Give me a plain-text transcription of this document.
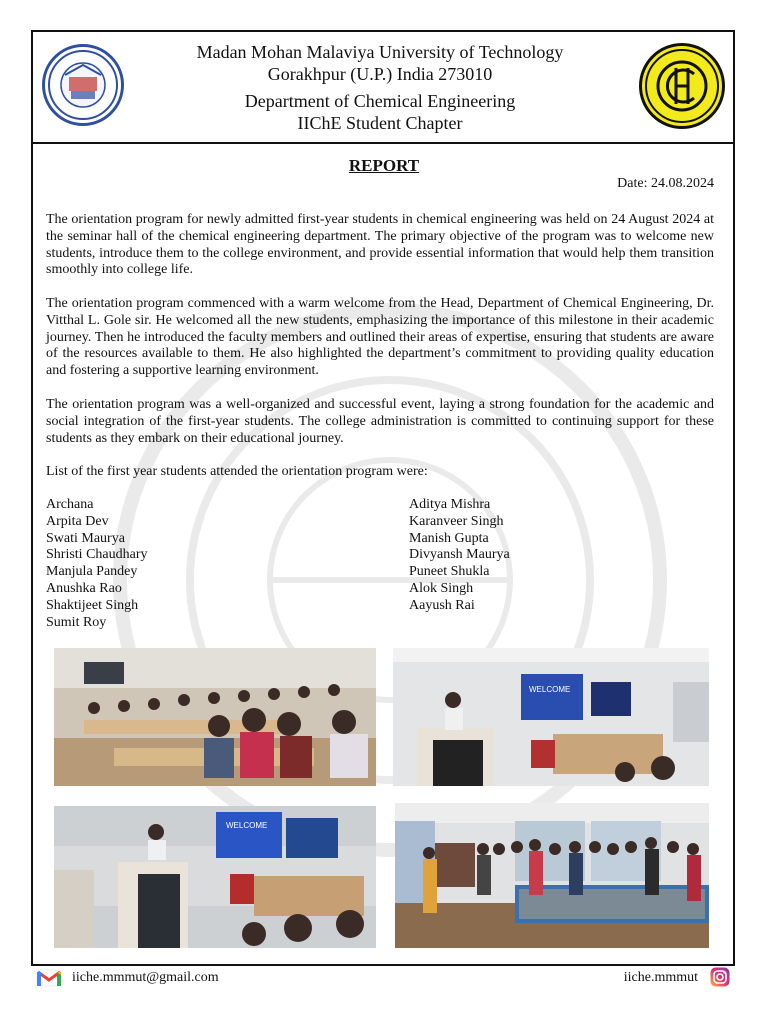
Madan Mohan Malaviya University of Technology
Gorakhpur (U.P.) India 273010
Department of Chemical Engineering
IIChE Student Chapter
REPORT
Date: 24.08.2024
The orientation program for newly admitted first-year students in chemical engineering was held on 24 August 2024 at the seminar hall of the chemical engineering department. The primary objective of the program was to welcome new students, introduce them to the college environment, and provide essential information that would help them transition smoothly into college life.
The orientation program commenced with a warm welcome from the Head, Department of Chemical Engineering, Dr. Vitthal L. Gole sir. He welcomed all the new students, emphasizing the importance of this milestone in their academic journey. Then he introduced the faculty members and outlined their areas of expertise, ensuring that students are aware of the resources available to them. He also highlighted the department’s commitment to providing quality education and fostering a supportive learning environment.
The orientation program was a well-organized and successful event, laying a strong foundation for the academic and social integration of the first-year students. The college administration is committed to continuing support for these students as they embark on their educational journey.
List of the first year students attended the orientation program were:
Archana
Arpita Dev
Swati Maurya
Shristi Chaudhary
Manjula Pandey
Anushka Rao
Shaktijeet Singh
Sumit Roy
Aditya Mishra
Karanveer Singh
Manish Gupta
Divyansh Maurya
Puneet Shukla
Alok Singh
Aayush Rai
WELCOME
WELCOME
iiche.mmmut@gmail.com	iiche.mmmut
